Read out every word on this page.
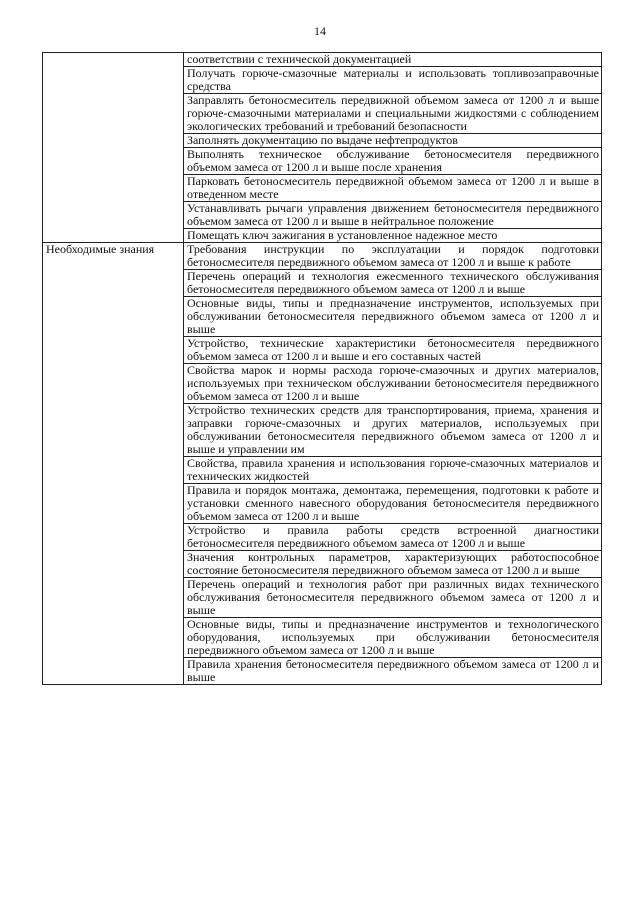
14
	соответствии с технической документацией
	Получать горюче-смазочные материалы и использовать топливозаправочные средства
	Заправлять бетоносмеситель передвижной объемом замеса от 1200 л и выше горюче-смазочными материалами и специальными жидкостями с соблюдением экологических требований и требований безопасности
	Заполнять документацию по выдаче нефтепродуктов
	Выполнять техническое обслуживание бетоносмесителя передвижного объемом замеса от 1200 л и выше после хранения
	Парковать бетоносмеситель передвижной объемом замеса от 1200 л и выше в отведенном месте
	Устанавливать рычаги управления движением бетоносмесителя передвижного объемом замеса от 1200 л и выше в нейтральное положение
	Помещать ключ зажигания в установленное надежное место
Необходимые знания	Требования инструкции по эксплуатации и порядок подготовки бетоносмесителя передвижного объемом замеса от 1200 л и выше к работе
	Перечень операций и технология ежесменного технического обслуживания бетоносмесителя передвижного объемом замеса от 1200 л и выше
	Основные виды, типы и предназначение инструментов, используемых при обслуживании бетоносмесителя передвижного объемом замеса от 1200 л и выше
	Устройство, технические характеристики бетоносмесителя передвижного объемом замеса от 1200 л и выше и его составных частей
	Свойства марок и нормы расхода горюче-смазочных и других материалов, используемых при техническом обслуживании бетоносмесителя передвижного объемом замеса от 1200 л и выше
	Устройство технических средств для транспортирования, приема, хранения и заправки горюче-смазочных и других материалов, используемых при обслуживании бетоносмесителя передвижного объемом замеса от 1200 л и выше и управлении им
	Свойства, правила хранения и использования горюче-смазочных материалов и технических жидкостей
	Правила и порядок монтажа, демонтажа, перемещения, подготовки к работе и установки сменного навесного оборудования бетоносмесителя передвижного объемом замеса от 1200 л и выше
	Устройство и правила работы средств встроенной диагностики бетоносмесителя передвижного объемом замеса от 1200 л и выше
	Значения контрольных параметров, характеризующих работоспособное состояние бетоносмесителя передвижного объемом замеса от 1200 л и выше
	Перечень операций и технология работ при различных видах технического обслуживания бетоносмесителя передвижного объемом замеса от 1200 л и выше
	Основные виды, типы и предназначение инструментов и технологического оборудования, используемых при обслуживании бетоносмесителя передвижного объемом замеса от 1200 л и выше
	Правила хранения бетоносмесителя передвижного объемом замеса от 1200 л и выше
